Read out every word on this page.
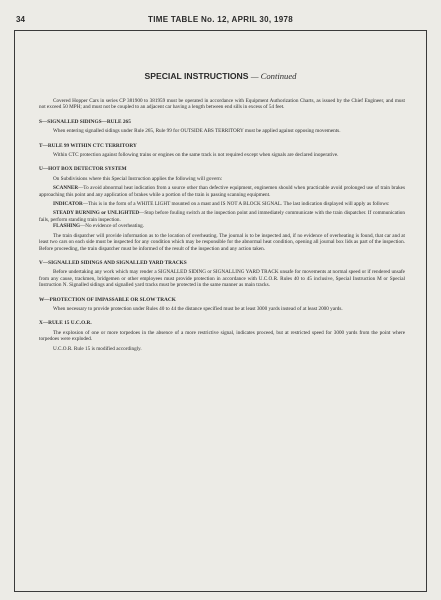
34	TIME TABLE No. 12, APRIL 30, 1978
SPECIAL INSTRUCTIONS — Continued

Covered Hopper Cars in series CP 381900 to 381959 must be operated in accordance with Equipment Authorization Charts, as issued by the Chief Engineer, and must not exceed 50 MPH; and must not be coupled to an adjacent car having a length between end sills in excess of 54 feet.

S—SIGNALLED SIDINGS—RULE 265

When entering signalled sidings under Rule 265, Rule 99 for OUTSIDE ABS TERRITORY must be applied against opposing movements.

T—RULE 99 WITHIN CTC TERRITORY

Within CTC protection against following trains or engines on the same track is not required except when signals are declared inoperative.

U—HOT BOX DETECTOR SYSTEM

On Subdivisions where this Special Instruction applies the following will govern:

SCANNER—To avoid abnormal heat indication from a source other than defective equipment, enginemen should when practicable avoid prolonged use of train brakes approaching this point and any application of brakes while a portion of the train is passing scanning equipment.

INDICATOR—This is in the form of a WHITE LIGHT mounted on a mast and IS NOT A BLOCK SIGNAL. The last indication displayed will apply as follows:

STEADY BURNING or UNLIGHTED—Stop before fouling switch at the inspection point and immediately communicate with the train dispatcher. If communication fails, perform standing train inspection.

FLASHING—No evidence of overheating.

The train dispatcher will provide information as to the location of overheating. The journal is to be inspected and, if no evidence of overheating is found, that car and at least two cars on each side must be inspected for any condition which may be responsible for the abnormal heat condition, opening all journal box lids as part of the inspection. Before proceeding, the train dispatcher must be informed of the result of the inspection and any action taken.

V—SIGNALLED SIDINGS AND SIGNALLED YARD TRACKS

Before undertaking any work which may render a SIGNALLED SIDING or SIGNALLING YARD TRACK unsafe for movements at normal speed or if rendered unsafe from any cause, trackmen, bridgemen or other employees must provide protection in accordance with U.C.O.R. Rules 40 to 45 inclusive, Special Instruction M or Special Instruction N. Signalled sidings and signalled yard tracks must be protected in the same manner as main tracks.

W—PROTECTION OF IMPASSABLE OR SLOW TRACK

When necessary to provide protection under Rules 40 to 44 the distance specified must be at least 3000 yards instead of at least 2000 yards.

X—RULE 15 U.C.O.R.

The explosion of one or more torpedoes in the absence of a more restrictive signal, indicates proceed, but at restricted speed for 3000 yards from the point where torpedoes were exploded.

U.C.O.R. Rule 15 is modified accordingly.
